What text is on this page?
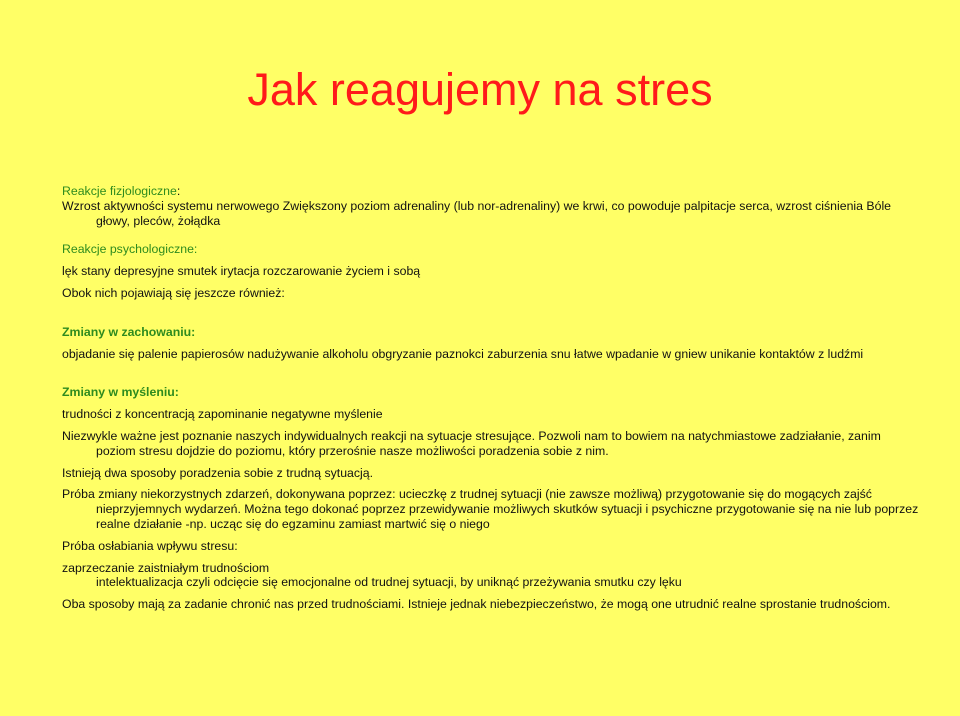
Jak reagujemy na stres

Reakcje fizjologiczne:

Wzrost aktywności systemu nerwowego Zwiększony poziom adrenaliny (lub nor-adrenaliny) we krwi, co powoduje palpitacje serca, wzrost ciśnienia Bóle głowy, pleców, żołądka

Reakcje psychologiczne:

lęk stany depresyjne smutek irytacja rozczarowanie życiem i sobą

Obok nich pojawiają się jeszcze również:

Zmiany w zachowaniu:

objadanie się palenie papierosów nadużywanie alkoholu obgryzanie paznokci zaburzenia snu łatwe wpadanie w gniew unikanie kontaktów z ludźmi

Zmiany w myśleniu:

trudności z koncentracją zapominanie negatywne myślenie

Niezwykle ważne jest poznanie naszych indywidualnych reakcji na sytuacje stresujące. Pozwoli nam to bowiem na natychmiastowe zadziałanie, zanim poziom stresu dojdzie do poziomu, który przerośnie nasze możliwości poradzenia sobie z nim.

Istnieją dwa sposoby poradzenia sobie z trudną sytuacją.

Próba zmiany niekorzystnych zdarzeń, dokonywana poprzez: ucieczkę z trudnej sytuacji (nie zawsze możliwą) przygotowanie się do mogących zajść nieprzyjemnych wydarzeń. Można tego dokonać poprzez przewidywanie możliwych skutków sytuacji i psychiczne przygotowanie się na nie lub poprzez realne działanie -np. ucząc się do egzaminu zamiast martwić się o niego

Próba osłabiania wpływu stresu:

zaprzeczanie zaistniałym trudnościom

intelektualizacja czyli odcięcie się emocjonalne od trudnej sytuacji, by uniknąć przeżywania smutku czy lęku

Oba sposoby mają za zadanie chronić nas przed trudnościami. Istnieje jednak niebezpieczeństwo, że mogą one utrudnić realne sprostanie trudnościom.
